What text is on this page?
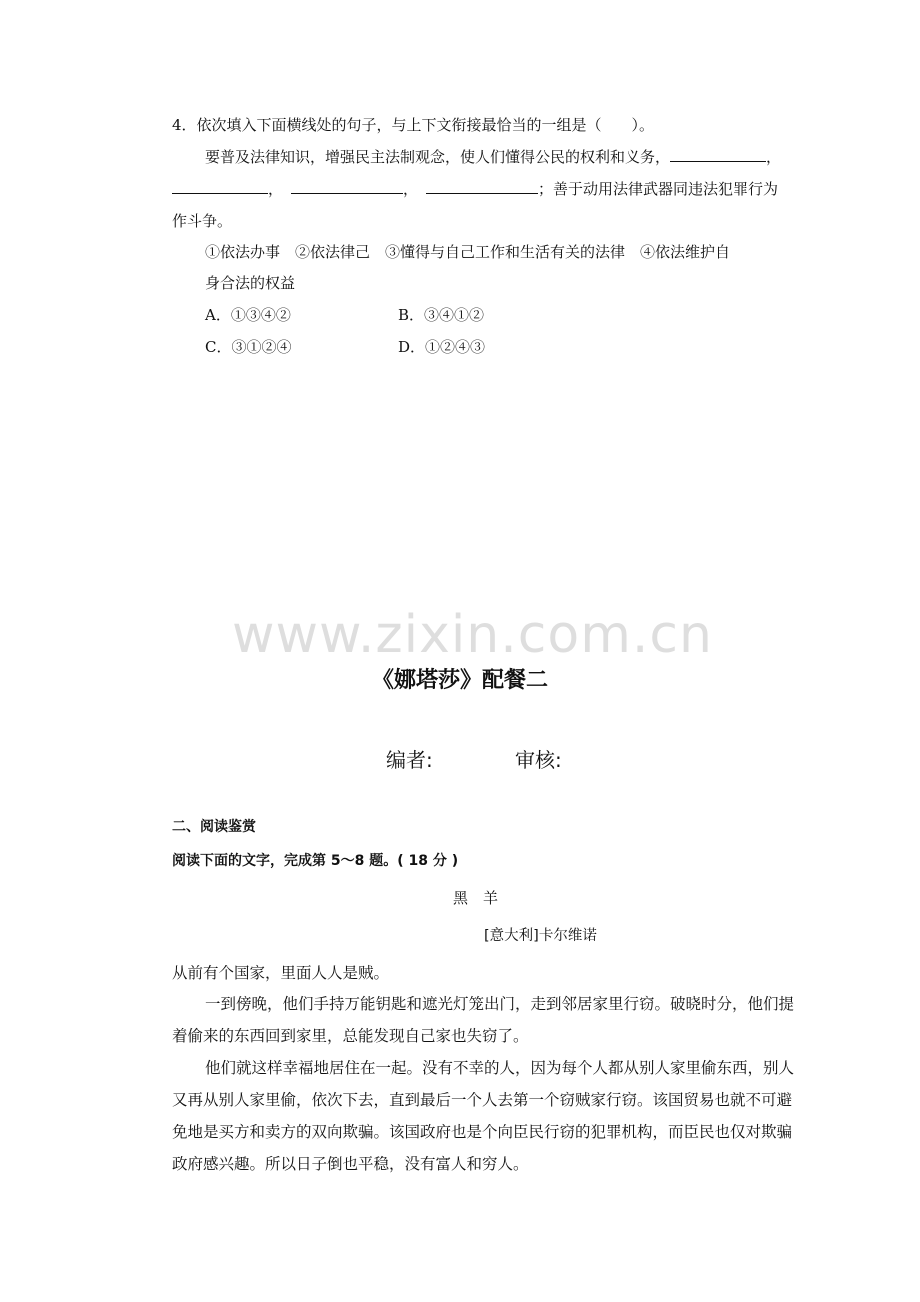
4．依次填入下面横线处的句子，与上下文衔接最恰当的一组是（　　）。
要普及法律知识，增强民主法制观念，使人们懂得公民的权利和义务，	，
，	，	；善于动用法律武器同违法犯罪行为
作斗争。
①依法办事　②依法律己　③懂得与自己工作和生活有关的法律　④依法维护自
身合法的权益
A．①③④②	B．③④①②
C．③①②④	D．①②④③
www.zixin.com.cn
《娜塔莎》配餐二
编者:	审核:
二、阅读鉴赏
阅读下面的文字，完成第 5～8 题。( 18 分 )
黑　羊
[意大利]卡尔维诺
从前有个国家，里面人人是贼。
一到傍晚，他们手持万能钥匙和遮光灯笼出门，走到邻居家里行窃。破晓时分，他们提
着偷来的东西回到家里，总能发现自己家也失窃了。
他们就这样幸福地居住在一起。没有不幸的人，因为每个人都从别人家里偷东西，别人
又再从别人家里偷，依次下去，直到最后一个人去第一个窃贼家行窃。该国贸易也就不可避
免地是买方和卖方的双向欺骗。该国政府也是个向臣民行窃的犯罪机构，而臣民也仅对欺骗
政府感兴趣。所以日子倒也平稳，没有富人和穷人。
